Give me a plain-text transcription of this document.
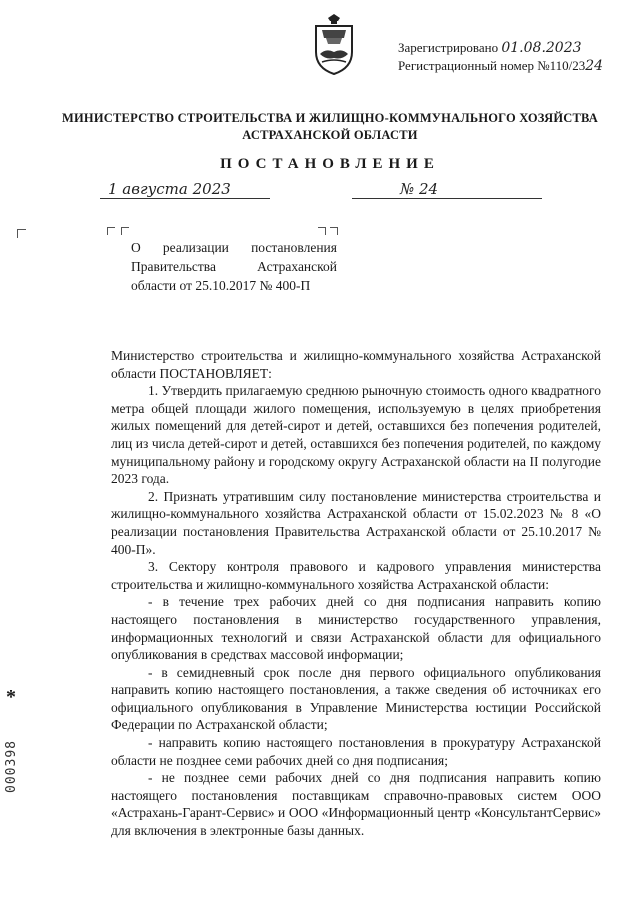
Зарегистрировано 01.08.2023
Регистрационный номер №110/2324
МИНИСТЕРСТВО СТРОИТЕЛЬСТВА И ЖИЛИЩНО-КОММУНАЛЬНОГО ХОЗЯЙСТВА
АСТРАХАНСКОЙ ОБЛАСТИ
ПОСТАНОВЛЕНИЕ
1 августа 2023	№ 24
О реализации постановления
Правительства Астраханской
области от 25.10.2017 № 400-П

Министерство строительства и жилищно-коммунального хозяйства Астраханской области ПОСТАНОВЛЯЕТ:

1. Утвердить прилагаемую среднюю рыночную стоимость одного квадратного метра общей площади жилого помещения, используемую в целях приобретения жилых помещений для детей-сирот и детей, оставшихся без попечения родителей, лиц из числа детей-сирот и детей, оставшихся без попечения родителей, по каждому муниципальному району и городскому округу Астраханской области на II полугодие 2023 года.

2. Признать утратившим силу постановление министерства строительства и жилищно-коммунального хозяйства Астраханской области от 15.02.2023 № 8 «О реализации постановления Правительства Астраханской области от 25.10.2017 № 400-П».

3. Сектору контроля правового и кадрового управления министерства строительства и жилищно-коммунального хозяйства Астраханской области:

- в течение трех рабочих дней со дня подписания направить копию настоящего постановления в министерство государственного управления, информационных технологий и связи Астраханской области для официального опубликования в средствах массовой информации;

- в семидневный срок после дня первого официального опубликования направить копию настоящего постановления, а также сведения об источниках его официального опубликования в Управление Министерства юстиции Российской Федерации по Астраханской области;

- направить копию настоящего постановления в прокуратуру Астраханской области не позднее семи рабочих дней со дня подписания;

- не позднее семи рабочих дней со дня подписания направить копию настоящего постановления поставщикам справочно-правовых систем ООО «Астрахань-Гарант-Сервис» и ООО «Информационный центр «КонсультантСервис» для включения в электронные базы данных.

*
000398
